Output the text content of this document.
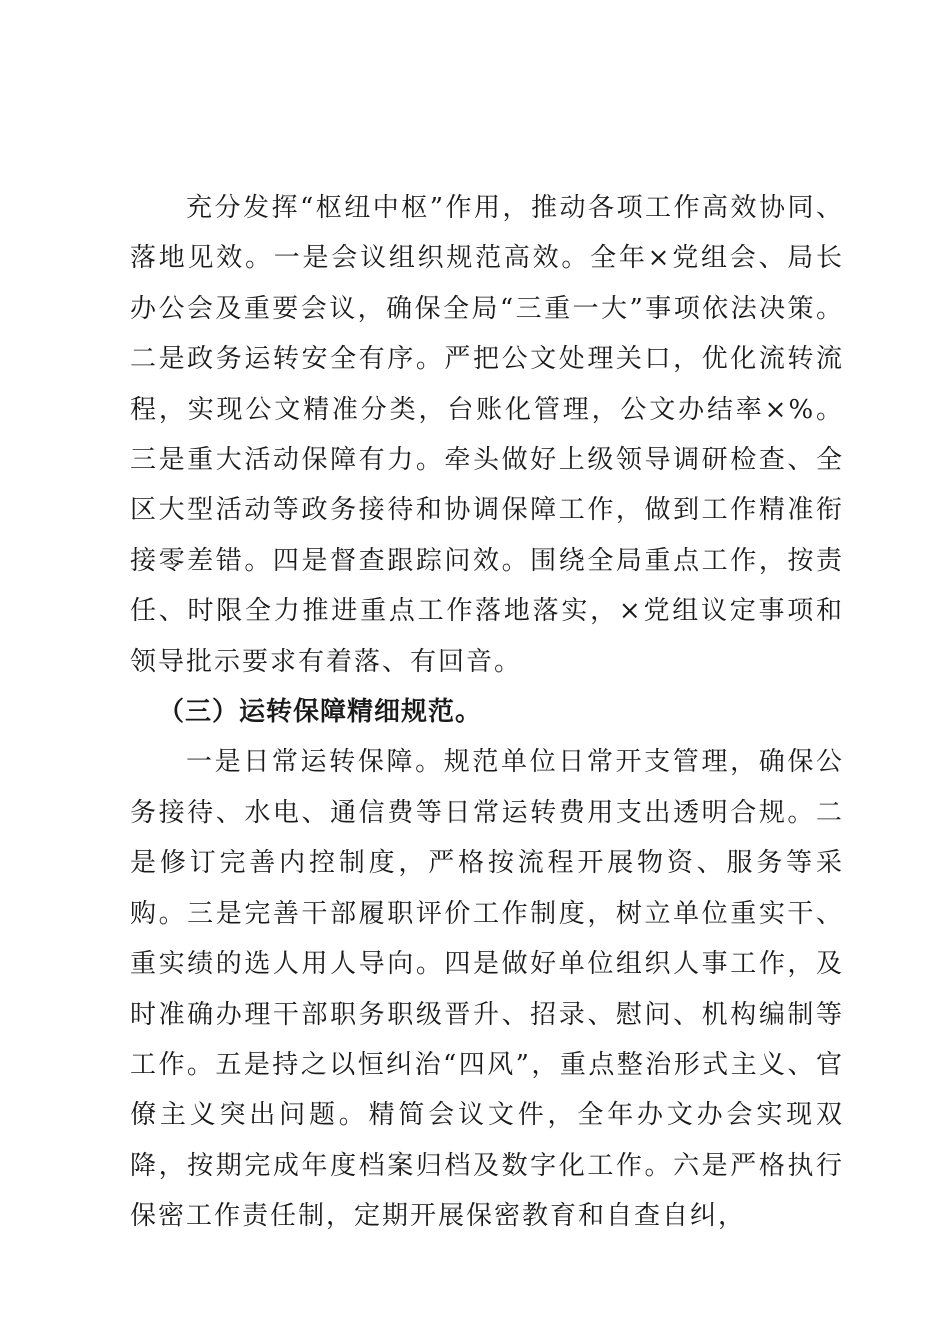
充分发挥“枢纽中枢”作用，推动各项工作高效协同、落地见效。一是会议组织规范高效。全年×党组会、局长办公会及重要会议，确保全局“三重一大”事项依法决策。二是政务运转安全有序。严把公文处理关口，优化流转流程，实现公文精准分类，台账化管理，公文办结率×%。三是重大活动保障有力。牵头做好上级领导调研检查、全区大型活动等政务接待和协调保障工作，做到工作精准衔接零差错。四是督查跟踪问效。围绕全局重点工作，按责任、时限全力推进重点工作落地落实，×党组议定事项和领导批示要求有着落、有回音。

（三）运转保障精细规范。

一是日常运转保障。规范单位日常开支管理，确保公务接待、水电、通信费等日常运转费用支出透明合规。二是修订完善内控制度，严格按流程开展物资、服务等采购。三是完善干部履职评价工作制度，树立单位重实干、重实绩的选人用人导向。四是做好单位组织人事工作，及时准确办理干部职务职级晋升、招录、慰问、机构编制等工作。五是持之以恒纠治“四风”，重点整治形式主义、官僚主义突出问题。精简会议文件，全年办文办会实现双降，按期完成年度档案归档及数字化工作。六是严格执行保密工作责任制，定期开展保密教育和自查自纠，
